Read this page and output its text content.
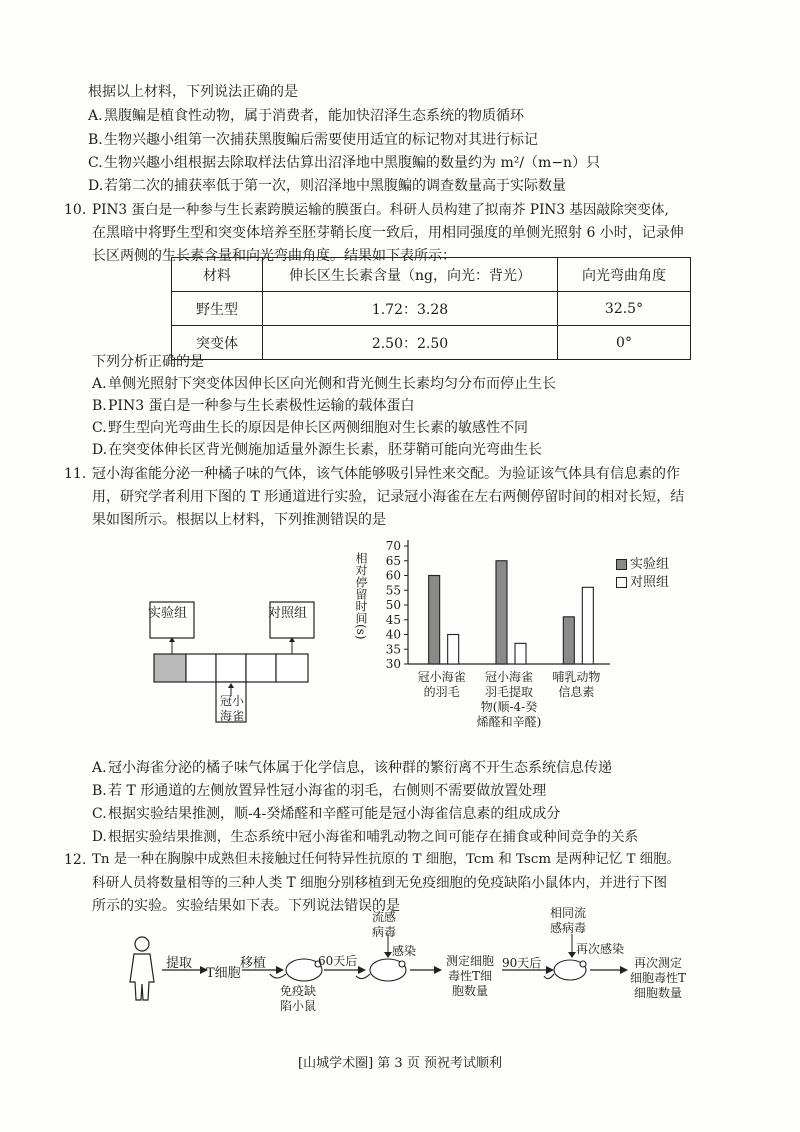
根据以上材料，下列说法正确的是
A.黑腹鳊是植食性动物，属于消费者，能加快沼泽生态系统的物质循环
B.生物兴趣小组第一次捕获黑腹鳊后需要使用适宜的标记物对其进行标记
C.生物兴趣小组根据去除取样法估算出沼泽地中黑腹鳊的数量约为 m²/（m−n）只
D.若第二次的捕获率低于第一次，则沼泽地中黑腹鳊的调查数量高于实际数量
10. PIN3 蛋白是一种参与生长素跨膜运输的膜蛋白。科研人员构建了拟南芥 PIN3 基因敲除突变体,
在黑暗中将野生型和突变体培养至胚芽鞘长度一致后，用相同强度的单侧光照射 6 小时，记录伸
长区两侧的生长素含量和向光弯曲角度。结果如下表所示：
材料	伸长区生长素含量（ng，向光：背光）	向光弯曲角度
野生型	1.72：3.28	32.5°
突变体	2.50：2.50	0°
下列分析正确的是
A.单侧光照射下突变体因伸长区向光侧和背光侧生长素均匀分布而停止生长
B.PIN3 蛋白是一种参与生长素极性运输的载体蛋白
C.野生型向光弯曲生长的原因是伸长区两侧细胞对生长素的敏感性不同
D.在突变体伸长区背光侧施加适量外源生长素，胚芽鞘可能向光弯曲生长
11. 冠小海雀能分泌一种橘子味的气体，该气体能够吸引异性来交配。为验证该气体具有信息素的作
用，研究学者利用下图的 T 形通道进行实验，记录冠小海雀在左右两侧停留时间的相对长短，结
果如图所示。根据以上材料，下列推测错误的是
实验组	对照组
冠小海雀
30
35
40
45
50
55
60
65
70
冠小海雀
的羽毛
冠小海雀
羽毛提取
物(顺-4-癸
烯醛和辛醛)
哺乳动物
信息素
相对停留时间(s)	实验组
对照组
A.冠小海雀分泌的橘子味气体属于化学信息，该种群的繁衍离不开生态系统信息传递
B.若 T 形通道的左侧放置异性冠小海雀的羽毛，右侧则不需要做放置处理
C.根据实验结果推测，顺-4-癸烯醛和辛醛可能是冠小海雀信息素的组成成分
D.根据实验结果推测，生态系统中冠小海雀和哺乳动物之间可能存在捕食或种间竞争的关系
12. Tn 是一种在胸腺中成熟但未接触过任何特异性抗原的 T 细胞，Tcm 和 Tscm 是两种记忆 T 细胞。
科研人员将数量相等的三种人类 T 细胞分别移植到无免疫细胞的免疫缺陷小鼠体内，并进行下图
所示的实验。实验结果如下表。下列说法错误的是
提取
T细胞
移植
免疫缺
陷小鼠
60天后
流感
病毒
感染
测定细胞
毒性T细
胞数量
90天后
相同流
感病毒
再次感染
再次测定
细胞毒性T
细胞数量
[山城学术圈] 第 3 页 预祝考试顺利
